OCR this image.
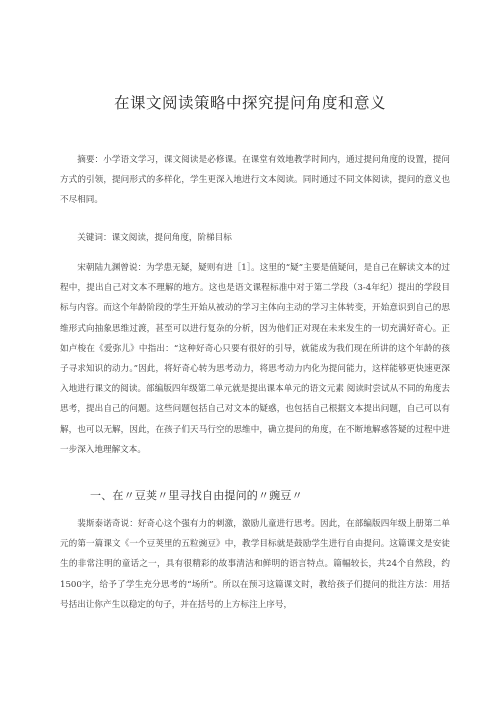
在课文阅读策略中探究提问角度和意义

摘要：小学语文学习，课文阅读是必修课。在课堂有效地教学时间内，通过提问角度的设置，提问方式的引领，提问形式的多样化，学生更深入地进行文本阅读。同时通过不同文体阅读，提问的意义也不尽相同。

关键词：课文阅读，提问角度，阶梯目标

宋朝陆九渊曾说：为学患无疑，疑则有进［1］。这里的“疑”主要是值疑问，是自己在解读文本的过程中，提出自己对文本不理解的地方。这也是语文课程标准中对于第二学段（3-4年纪）提出的学段目标与内容。而这个年龄阶段的学生开始从被动的学习主体向主动的学习主体转变，开始意识到自己的思维形式向抽象思维过渡，甚至可以进行复杂的分析，因为他们正对现在未来发生的一切充满好奇心。正如卢梭在《爱弥儿》中指出：“这种好奇心只要有很好的引导，就能成为我们现在所讲的这个年龄的孩子寻求知识的动力。”因此，将好奇心转为思考动力，将思考动力内化为提问能力，这样能够更快速更深入地进行课文的阅读。部编版四年级第二单元就是提出课本单元的语文元素 阅读时尝试从不同的角度去思考，提出自己的问题。这些问题包括自己对文本的疑惑，也包括自己根据文本提出问题，自己可以有解，也可以无解，因此，在孩子们天马行空的思维中，确立提问的角度，在不断地解惑答疑的过程中进一步深入地理解文本。

一、在〃豆荚〃里寻找自由提问的〃豌豆〃

裴斯泰诺奇说：好奇心这个强有力的刺激，激励儿童进行思考。因此，在部编版四年级上册第二单元的第一篇课文《一个豆荚里的五粒豌豆》中，教学目标就是鼓励学生进行自由提问。这篇课文是安徒生的非常注明的童话之一，具有很精彩的故事清洁和鲜明的语言特点。篇幅较长，共24个自然段，约1500字，给予了学生充分思考的“场所”。所以在预习这篇课文时，教给孩子们提问的批注方法：用括号括出让你产生以稳定的句子，并在括号的上方标注上序号，
